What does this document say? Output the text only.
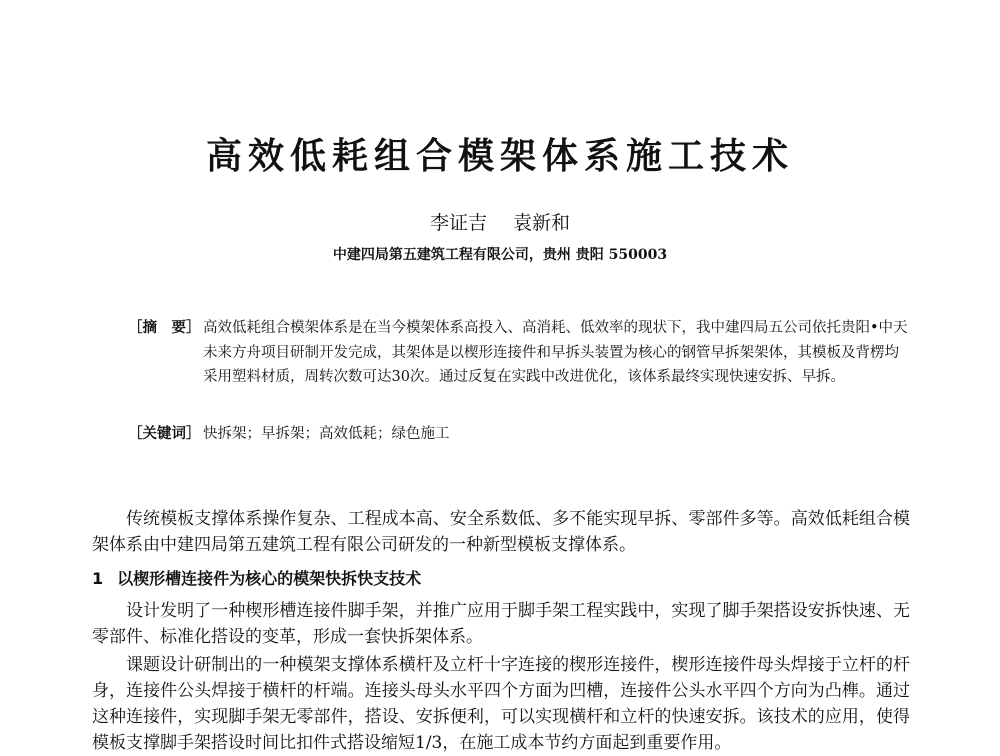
高效低耗组合模架体系施工技术
李证吉 袁新和
中建四局第五建筑工程有限公司，贵州 贵阳 550003
［摘　要］ 高效低耗组合模架体系是在当今模架体系高投入、高消耗、低效率的现状下，我中建四局五公司依托贵阳•中天未来方舟项目研制开发完成，其架体是以楔形连接件和早拆头装置为核心的钢管早拆架架体，其模板及背楞均采用塑料材质，周转次数可达30次。通过反复在实践中改进优化，该体系最终实现快速安拆、早拆。
［关键词］ 快拆架；早拆架；高效低耗；绿色施工
传统模板支撑体系操作复杂、工程成本高、安全系数低、多不能实现早拆、零部件多等。高效低耗组合模架体系由中建四局第五建筑工程有限公司研发的一种新型模板支撑体系。
1 以楔形槽连接件为核心的模架快拆快支技术
设计发明了一种楔形槽连接件脚手架，并推广应用于脚手架工程实践中，实现了脚手架搭设安拆快速、无零部件、标准化搭设的变革，形成一套快拆架体系。
课题设计研制出的一种模架支撑体系横杆及立杆十字连接的楔形连接件，楔形连接件母头焊接于立杆的杆身，连接件公头焊接于横杆的杆端。连接头母头水平四个方面为凹槽，连接件公头水平四个方向为凸榫。通过这种连接件，实现脚手架无零部件，搭设、安拆便利，可以实现横杆和立杆的快速安拆。该技术的应用，使得模板支撑脚手架搭设时间比扣件式搭设缩短1/3，在施工成本节约方面起到重要作用。
